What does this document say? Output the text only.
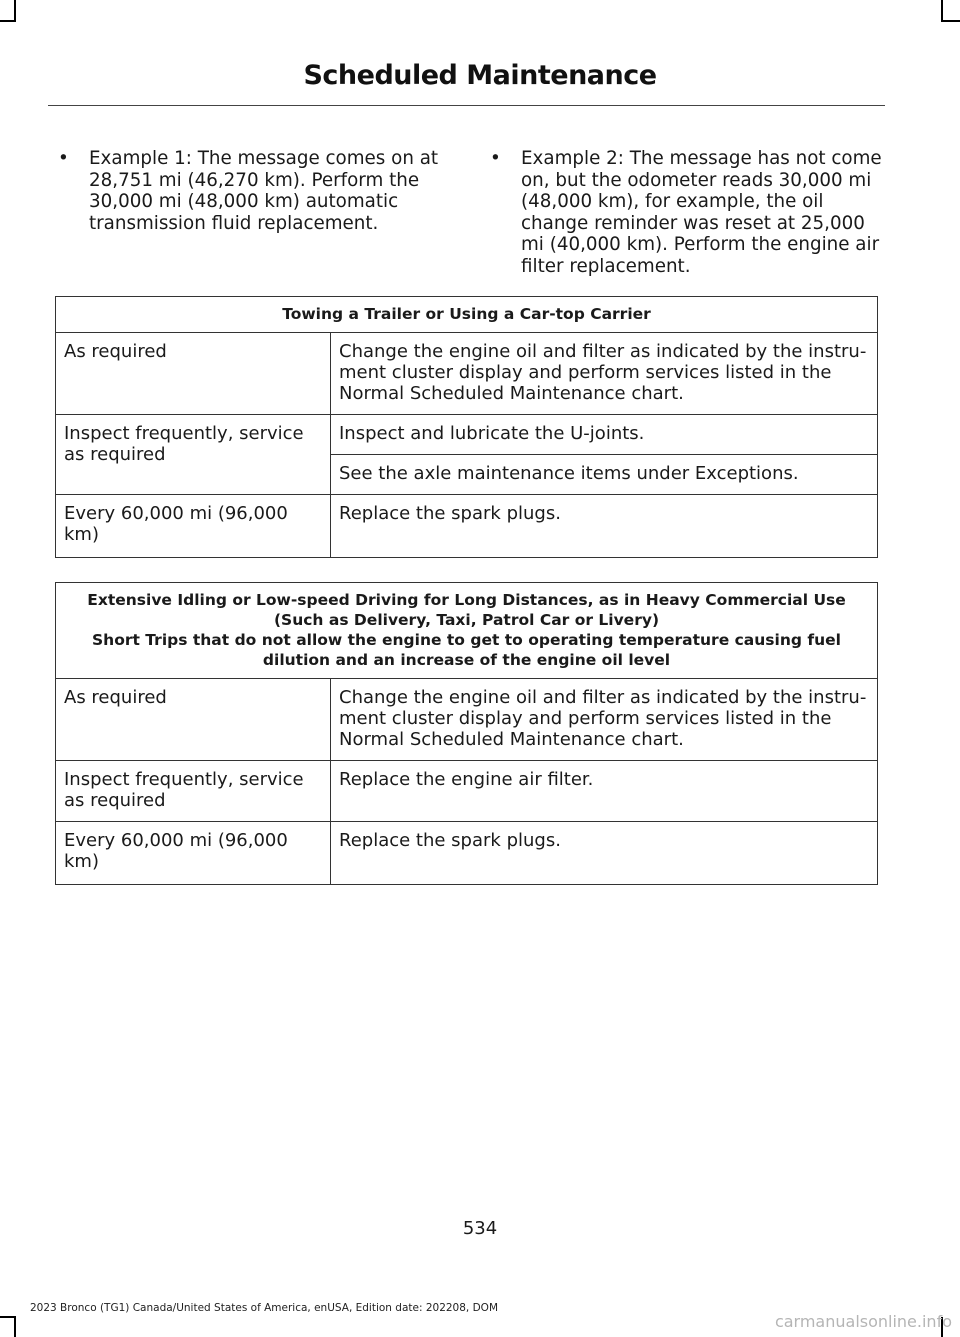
Scheduled Maintenance
• Example 1: The message comes on at 28,751 mi (46,270 km). Perform the 30,000 mi (48,000 km) automatic transmission fluid replacement.
• Example 2: The message has not come on, but the odometer reads 30,000 mi (48,000 km), for example, the oil change reminder was reset at 25,000 mi (40,000 km). Perform the engine air filter replacement.
Towing a Trailer or Using a Car-top Carrier	
As required	Change the engine oil and filter as indicated by the instru-ment cluster display and perform services listed in the Normal Scheduled Maintenance chart.
Inspect frequently, service as required	Inspect and lubricate the U-joints.
	See the axle maintenance items under Exceptions.
Every 60,000 mi (96,000 km)	Replace the spark plugs.
Extensive Idling or Low-speed Driving for Long Distances, as in Heavy Commercial Use (Such as Delivery, Taxi, Patrol Car or Livery)
Short Trips that do not allow the engine to get to operating temperature causing fuel dilution and an increase of the engine oil level	

As required	Change the engine oil and filter as indicated by the instru-ment cluster display and perform services listed in the Normal Scheduled Maintenance chart.
Inspect frequently, service as required	Replace the engine air filter.
Every 60,000 mi (96,000 km)	Replace the spark plugs.
534
2023 Bronco (TG1) Canada/United States of America, enUSA, Edition date: 202208, DOM
carmanualsonline.info
